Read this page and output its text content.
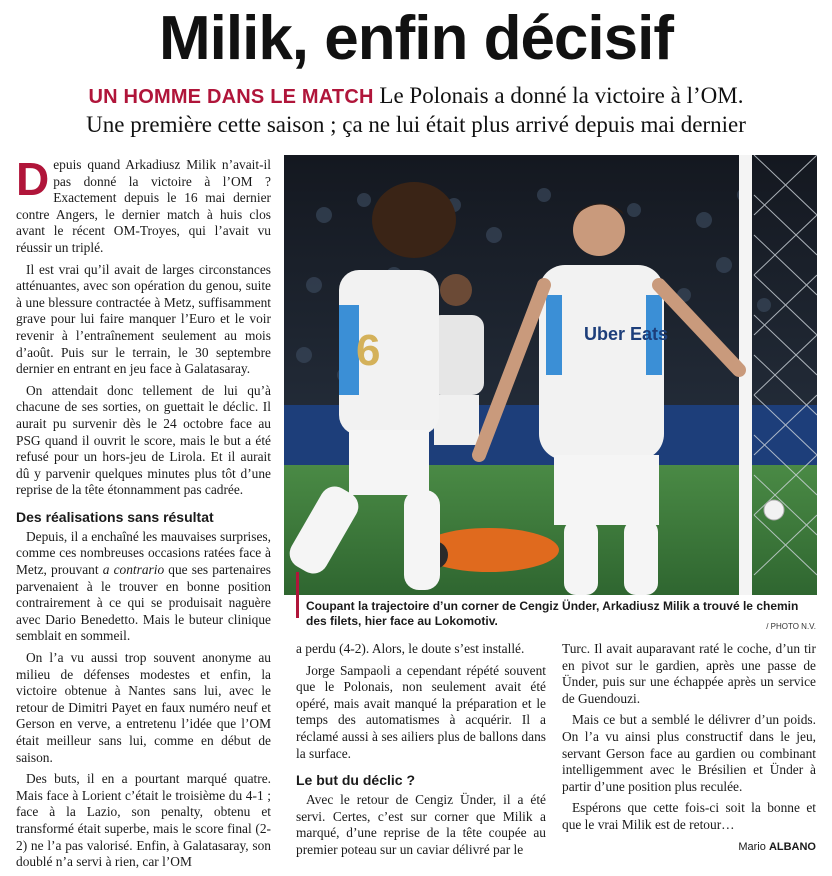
Milik, enfin décisif
UN HOMME DANS LE MATCH Le Polonais a donné la victoire à l’OM.
Une première cette saison ; ça ne lui était plus arrivé depuis mai dernier

Depuis quand Arkadiusz Milik n’avait-il pas donné la victoire à l’OM ? Exactement depuis le 16 mai dernier contre Angers, le dernier match à huis clos avant le récent OM-Troyes, qui l’avait vu réussir un triplé.

Il est vrai qu’il avait de larges circonstances atténuantes, avec son opération du genou, suite à une blessure contractée à Metz, suffisamment grave pour lui faire manquer l’Euro et le voir revenir à l’entraînement seulement au mois d’août. Puis sur le terrain, le 30 septembre dernier en entrant en jeu face à Galatasaray.

On attendait donc tellement de lui qu’à chacune de ses sorties, on guettait le déclic. Il aurait pu survenir dès le 24 octobre face au PSG quand il ouvrit le score, mais le but a été refusé pour un hors-jeu de Lirola. Et il aurait dû y parvenir quelques minutes plus tôt d’une reprise de la tête étonnamment pas cadrée.

Des réalisations sans résultat

Depuis, il a enchaîné les mauvaises surprises, comme ces nombreuses occasions ratées face à Metz, prouvant a contrario que ses partenaires parvenaient à le trouver en bonne position contrairement à ce qui se produisait naguère avec Dario Benedetto. Mais le buteur clinique semblait en sommeil.

On l’a vu aussi trop souvent anonyme au milieu de défenses modestes et enfin, la victoire obtenue à Nantes sans lui, avec le retour de Dimitri Payet en faux numéro neuf et Gerson en verve, a entretenu l’idée que l’OM était meilleur sans lui, comme en début de saison.

Des buts, il en a pourtant marqué quatre. Mais face à Lorient c’était le troisième du 4-1 ; face à la Lazio, son penalty, obtenu et transformé était superbe, mais le score final (2-2) ne l’a pas valorisé. Enfin, à Galatasaray, son doublé n’a servi à rien, car l’OM

6	Uber Eats
Coupant la trajectoire d’un corner de Cengiz Ünder, Arkadiusz Milik a trouvé le chemin des filets, hier face au Lokomotiv.	/ PHOTO N.V.

a perdu (4-2). Alors, le doute s’est installé.

Jorge Sampaoli a cependant répété souvent que le Polonais, non seulement avait été opéré, mais avait manqué la préparation et le temps des automatismes à acquérir. Il a réclamé aussi à ses ailiers plus de ballons dans la surface.

Le but du déclic ?

Avec le retour de Cengiz Ünder, il a été servi. Certes, c’est sur corner que Milik a marqué, d’une reprise de la tête coupée au premier poteau sur un caviar délivré par le

Turc. Il avait auparavant raté le coche, d’un tir en pivot sur le gardien, après une passe de Ünder, puis sur une échappée après un service de Guendouzi.

Mais ce but a semblé le délivrer d’un poids. On l’a vu ainsi plus constructif dans le jeu, servant Gerson face au gardien ou combinant intelligemment avec le Brésilien et Ünder à partir d’une position plus reculée.

Espérons que cette fois-ci soit la bonne et que le vrai Milik est de retour…

Mario ALBANO
